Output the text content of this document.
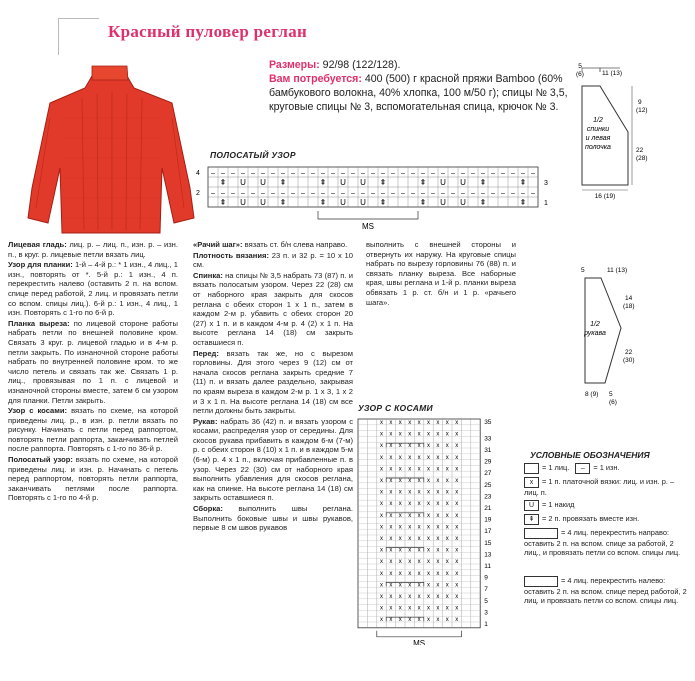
Красный пуловер реглан
Размеры: 92/98 (122/128).
Вам потребуется: 400 (500) г красной пряжи Bamboo (60% бамбукового волокна, 40% хлопка, 100 м/50 г); спицы № 3,5, круговые спицы № 3, вспомогательная спица, крючок № 3.
1/2
спинки
и левая
полочка
5
(6)	11 (13)
9
(12)
22
(28)
16 (19)
5	11 (13)
14
(18)
22
(30)
1/2
рукава
8 (9) 5
(6)
ПОЛОСАТЫЙ УЗОР
–
–
⇞
⇞
–
–
–
–
U
U
–
–
–
–
U
U
–
–
–
–
⇞
⇞
–
–
–
–
–
–
–
–
⇞
⇞
–
–
–
–
U
U
–
–
–
–
U
U
–
–
–
–
⇞
⇞
–
–
–
–
–
–
–
–
⇞
⇞
–
–
–
–
U
U
–
–
–
–
U
U
–
–
–
–
⇞
⇞
–
–
–
–
–
–
–
–
⇞
⇞
–
–
–
–
4
2
3
1
MS
УЗОР С КОСАМИ
x x x x x x x x x
x x x x x x x x x
x x x x x x x x x
x x x x x x x x x
x x x x x x x x x
x x x x x x x x x
x x x x x x x x x
x x x x x x x x x
x x x x x x x x x
x x x x x x x x x
x x x x x x x x x
x x x x x x x x x
x x x x x x x x x
x x x x x x x x x
x x x x x x x x x
x x x x x x x x x
x x x x x x x x x
x x x x x x x x x
35
33
31
29
27
25
23
21
19
17
15
13
11
9
7
5
3
1
MS

Лицевая гладь: лиц. р. – лиц. п., изн. р. – изн. п., в круг. р. лицевые петли вязать лиц.

Узор для планки: 1-й – 4-й р.: * 1 изн., 4 лиц., 1 изн., повторять от *. 5-й р.: 1 изн., 4 п. перекрестить налево (оставить 2 п. на вспом. спице перед работой, 2 лиц. и провязать петли со вспом. спицы лиц.). 6-й р.: 1 изн., 4 лиц., 1 изн. Повторять с 1-го по 6-й р.

Планка выреза: по лицевой стороне работы набрать петли по внешней половине кром. Связать 3 круг. р. лицевой гладью и в 4-м р. петли закрыть. По изнаночной стороне работы набрать по внутренней половине кром. то же число петель и связать так же. Связать 1 р. лиц., провязывая по 1 п. с лицевой и изнаночной стороны вместе, затем 6 см узором для планки. Петли закрыть.

Узор с косами: вязать по схеме, на которой приведены лиц. р., в изн. р. петли вязать по рисунку. Начинать с петли перед раппортом, повторять петли раппорта, заканчивать петлей после раппорта. Повторять с 1-го по 36-й р.

Полосатый узор: вязать по схеме, на которой приведены лиц. и изн. р. Начинать с петель перед раппортом, повторять петли раппорта, заканчивать петлями после раппорта. Повторять с 1-го по 4-й р.

«Рачий шаг»: вязать ст. б/н слева направо.

Плотность вязания: 23 п. и 32 р. = 10 х 10 см.

Спинка: на спицы № 3,5 набрать 73 (87) п. и вязать полосатым узором. Через 22 (28) см от наборного края закрыть для скосов реглана с обеих сторон 1 х 1 п., затем в каждом 2-м р. убавить с обеих сторон 20 (27) х 1 п. и в каждом 4-м р. 4 (2) х 1 п. На высоте реглана 14 (18) см закрыть оставшиеся п.

Перед: вязать так же, но с вырезом горловины. Для этого через 9 (12) см от начала скосов реглана закрыть средние 7 (11) п. и вязать далее раздельно, закрывая по краям выреза в каждом 2-м р. 1 х 3, 1 х 2 и 3 х 1 п. На высоте реглана 14 (18) см все петли должны быть закрыты.

Рукав: набрать 36 (42) п. и вязать узором с косами, распределяя узор от середины. Для скосов рукава прибавить в каждом 6-м (7-м) р. с обеих сторон 8 (10) х 1 п. и в каждом 5-м (6-м) р. 4 х 1 п., включая прибавленные п. в узор. Через 22 (30) см от наборного края выполнить убавления для скосов реглана, как на спинке. На высоте реглана 14 (18) см закрыть оставшиеся п.

Сборка: выполнить швы реглана. Выполнить боковые швы и швы рукавов, первые 8 см швов рукавов

выполнить с внешней стороны и отвернуть их наружу. На круговые спицы набрать по вырезу горловины 76 (88) п. и связать планку выреза. Все наборные края, швы реглана и 1-й р. планки выреза обвязать 1 р. ст. б/н и 1 р. «рачьего шага».

УСЛОВНЫЕ ОБОЗНАЧЕНИЯ
= 1 лиц. – = 1 изн.
x = 1 п. платочной вязки: лиц. и изн. р. – лиц. п.
U = 1 накид
⇞ = 2 п. провязать вместе изн.
= 4 лиц. перекрестить направо: оставить 2 п. на вспом. спице за работой, 2 лиц., и провязать петли со вспом. спицы лиц.
= 4 лиц. перекрестить налево: оставить 2 п. на вспом. спице перед работой, 2 лиц. и провязать петли со вспом. спицы лиц.
